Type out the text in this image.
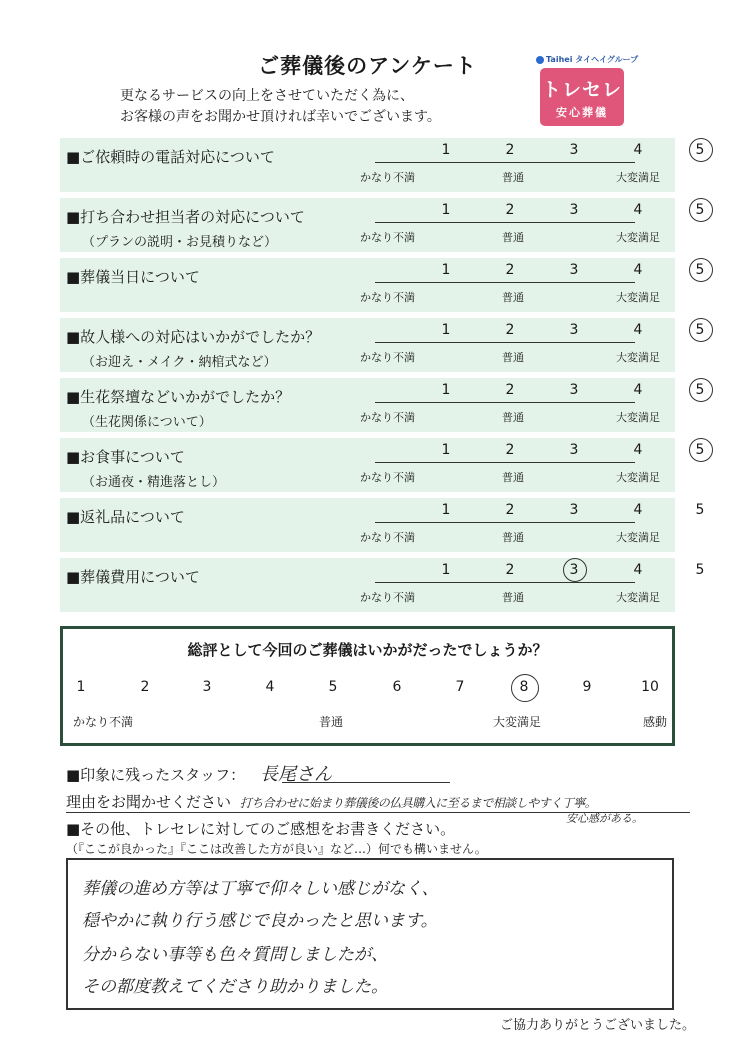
ご葬儀後のアンケート
更なるサービスの向上をさせていただく為に、
お客様の声をお聞かせ頂ければ幸いでございます。
Taihei タイヘイグループ
トレセレ
安心葬儀
■ご依頼時の電話対応について	1	2	3	4	5
かなり不満	普通	大変満足
■打ち合わせ担当者の対応について
（プランの説明・お見積りなど）
1	2	3	4	5
かなり不満	普通	大変満足
■葬儀当日について	1	2	3	4	5
かなり不満	普通	大変満足
■故人様への対応はいかがでしたか？
（お迎え・メイク・納棺式など）
1	2	3	4	5
かなり不満	普通	大変満足
■生花祭壇などいかがでしたか？
（生花関係について）
1	2	3	4	5
かなり不満	普通	大変満足
■お食事について
（お通夜・精進落とし）
1	2	3	4	5
かなり不満	普通	大変満足
■返礼品について	1	2	3	4	5
かなり不満	普通	大変満足
■葬儀費用について	1	2	3	4	5
かなり不満	普通	大変満足
総評として今回のご葬儀はいかがだったでしょうか？
1	2	3	4	5	6	7	8	9	10
かなり不満	普通	大変満足	感動
■印象に残ったスタッフ： 長尾さん
理由をお聞かせください 打ち合わせに始まり葬儀後の仏具購入に至るまで相談しやすく丁寧。
安心感がある。
■その他、トレセレに対してのご感想をお書きください。
（『ここが良かった』『ここは改善した方が良い』など…）何でも構いません。
葬儀の進め方等は丁寧で仰々しい感じがなく、
穏やかに執り行う感じで良かったと思います。
分からない事等も色々質問しましたが、
その都度教えてくださり助かりました。
ご協力ありがとうございました。
